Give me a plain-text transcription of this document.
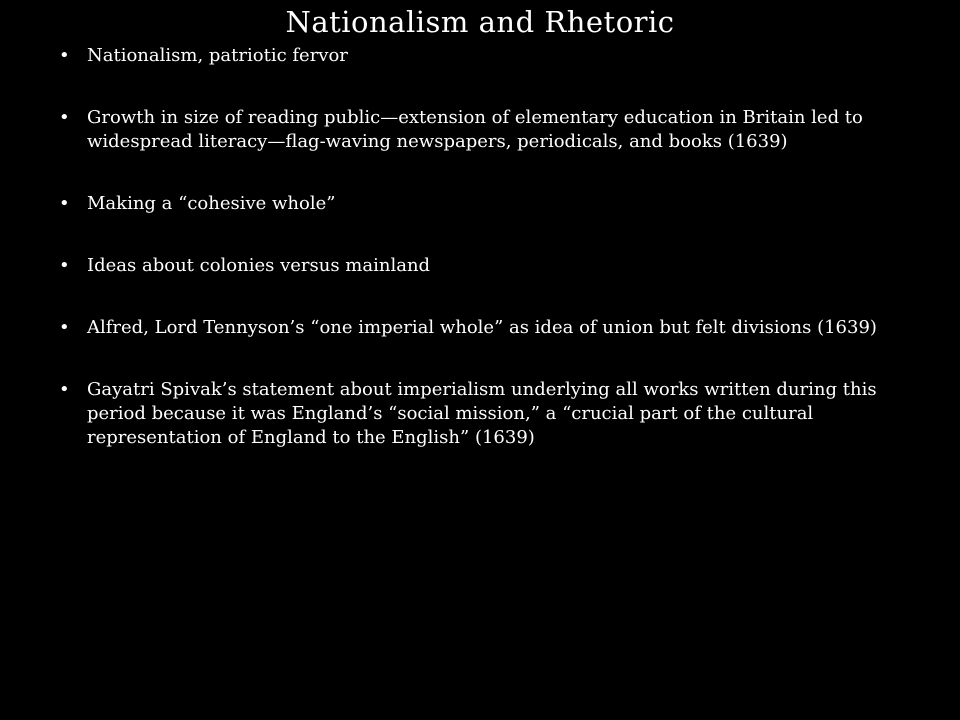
Nationalism and Rhetoric
• Nationalism, patriotic fervor
• Growth in size of reading public—extension of elementary education in Britain led to widespread literacy—flag-waving newspapers, periodicals, and books (1639)
• Making a “cohesive whole”
• Ideas about colonies versus mainland
• Alfred, Lord Tennyson’s “one imperial whole” as idea of union but felt divisions (1639)
• Gayatri Spivak’s statement about imperialism underlying all works written during this period because it was England’s “social mission,” a “crucial part of the cultural representation of England to the English” (1639)
